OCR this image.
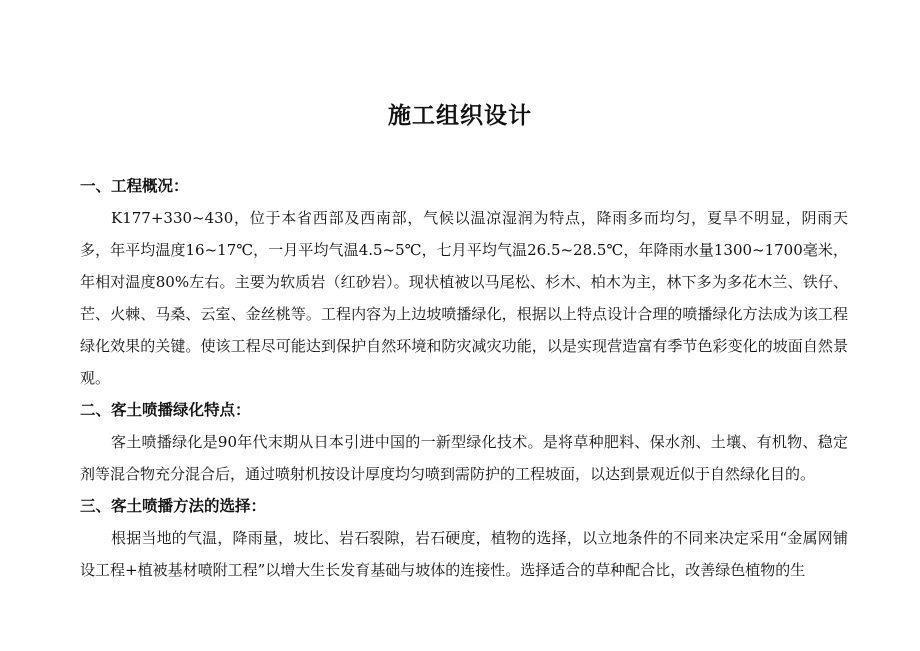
施工组织设计

一、工程概况：

K177+330~430，位于本省西部及西南部，气候以温凉湿润为特点，降雨多而均匀，夏旱不明显，阴雨天多，年平均温度16~17℃，一月平均气温4.5~5℃，七月平均气温26.5~28.5℃，年降雨水量1300~1700毫米，年相对温度80%左右。主要为软质岩（红砂岩）。现状植被以马尾松、杉木、柏木为主，林下多为多花木兰、铁仔、芒、火棘、马桑、云室、金丝桃等。工程内容为上边坡喷播绿化，根据以上特点设计合理的喷播绿化方法成为该工程绿化效果的关键。使该工程尽可能达到保护自然环境和防灾减灾功能，以是实现营造富有季节色彩变化的坡面自然景观。

二、客土喷播绿化特点：

客土喷播绿化是90年代末期从日本引进中国的一新型绿化技术。是将草种肥料、保水剂、土壤、有机物、稳定剂等混合物充分混合后，通过喷射机按设计厚度均匀喷到需防护的工程坡面，以达到景观近似于自然绿化目的。

三、客土喷播方法的选择：

根据当地的气温，降雨量，坡比、岩石裂隙，岩石硬度，植物的选择，以立地条件的不同来决定采用“金属网铺设工程+植被基材喷附工程”以增大生长发育基础与坡体的连接性。选择适合的草种配合比，改善绿色植物的生
